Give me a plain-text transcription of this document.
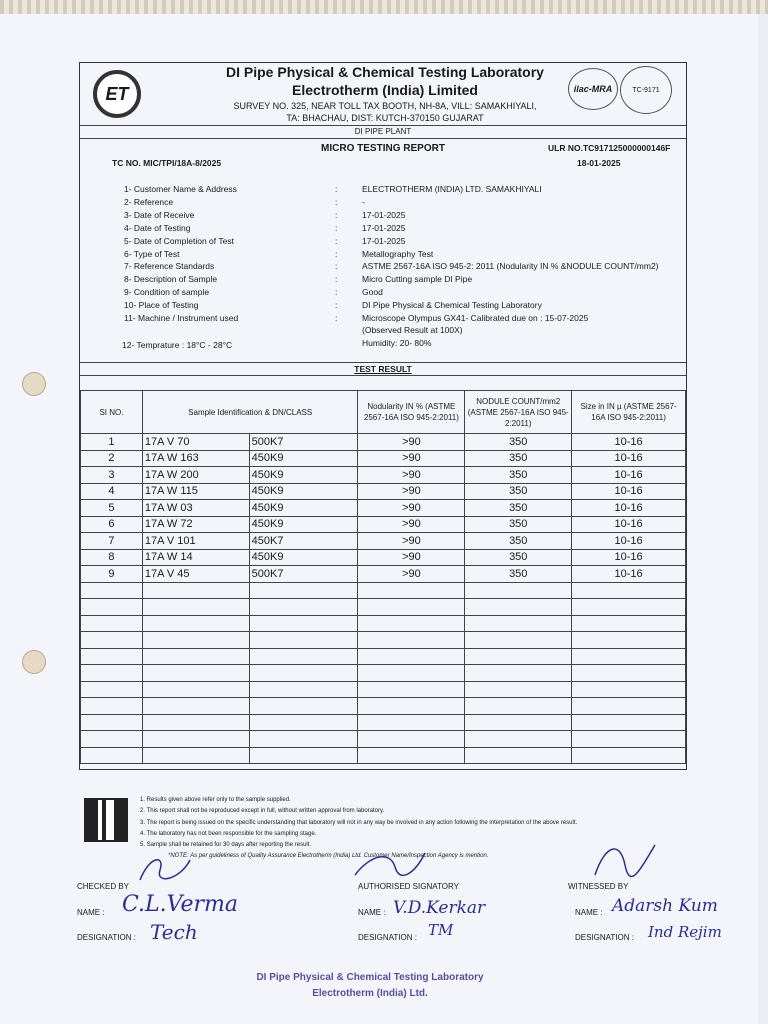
ET
DI Pipe Physical & Chemical Testing Laboratory
Electrotherm (India) Limited
SURVEY NO. 325, NEAR TOLL TAX BOOTH, NH-8A, VILL: SAMAKHIYALI,
TA: BHACHAU, DIST: KUTCH-370150 GUJARAT
ilac-MRA	TC-9171
DI PIPE PLANT
MICRO TESTING REPORT	ULR NO.TC917125000000146F
TC NO. MIC/TPI/18A-8/2025	18-01-2025
1- Customer Name & Address	:	ELECTROTHERM (INDIA) LTD. SAMAKHIYALI
2- Reference	:	-
3- Date of Receive	:	17-01-2025
4- Date of Testing	:	17-01-2025
5- Date of Completion of Test	:	17-01-2025
6- Type of Test	:	Metallography Test
7- Reference Standards	:	ASTME 2567-16A ISO 945-2: 2011 (Nodularity IN % &NODULE COUNT/mm2)
8- Description of Sample	:	Micro Cutting sample DI Pipe
9- Condition of sample	:	Good
10- Place of Testing	:	DI Pipe Physical & Chemical Testing Laboratory
11- Machine / Instrument used	:	Microscope Olympus GX41- Calibrated due on : 15-07-2025
(Observed Result at 100X)
12- Temprature : 18°C - 28°C	Humidity: 20- 80%
TEST RESULT
SI NO.	Sample Identification & DN/CLASS		Nodularity IN % (ASTME 2567-16A ISO 945-2:2011)	NODULE COUNT/mm2 (ASTME 2567-16A ISO 945-2:2011)	Size in IN µ (ASTME 2567-16A ISO 945-2:2011)
1	17A V 70	500K7	>90	350	10-16
2	17A W 163	450K9	>90	350	10-16
3	17A W 200	450K9	>90	350	10-16
4	17A W 115	450K9	>90	350	10-16
5	17A W 03	450K9	>90	350	10-16
6	17A W 72	450K9	>90	350	10-16
7	17A V 101	450K7	>90	350	10-16
8	17A W 14	450K9	>90	350	10-16
9	17A V 45	500K7	>90	350	10-16

1. Results given above refer only to the sample supplied.
2. This report shall not be reproduced except in full, without written approval from laboratory.
3. The report is being issued on the specific understanding that laboratory will not in any way be involved in any action following the interpretation of the above result.
4. The laboratory has not been responsible for the sampling stage.
5. Sample shall be retained for 30 days after reporting the result.
*NOTE: As per guideliness of Quality Assurance Electrotherm (India) Ltd. Customer Name/Inspection Agency is mention.
CHECKED BY	AUTHORISED SIGNATORY	WITNESSED BY
NAME :	NAME :	NAME :
DESIGNATION :	DESIGNATION :	DESIGNATION :
C.L.Verma
Tech
V.D.Kerkar
TM
Adarsh Kum
Ind Rejim
DI Pipe Physical & Chemical Testing Laboratory
Electrotherm (India) Ltd.
